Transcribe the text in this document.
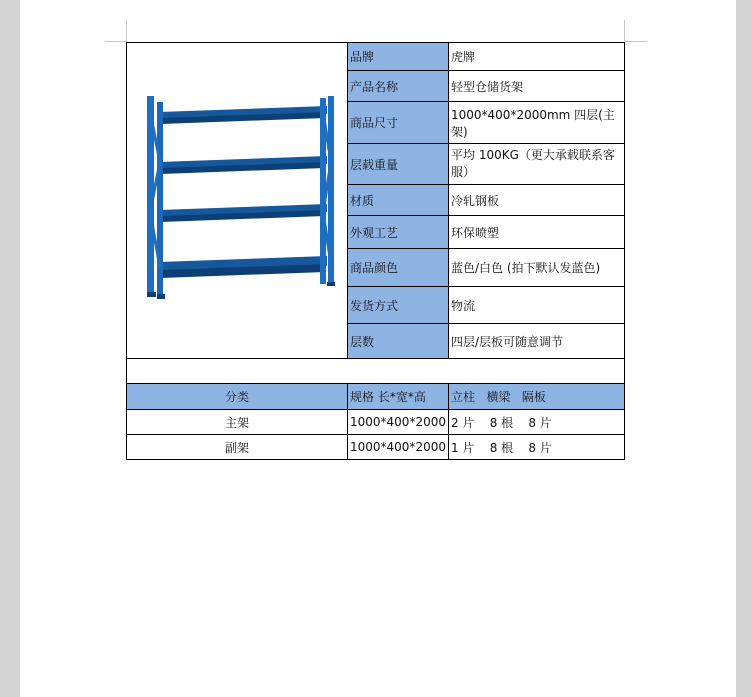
	品牌	虎牌
	产品名称	轻型仓储货架
	商品尺寸	1000*400*2000mm 四层(主架)
	层载重量	平均 100KG（更大承载联系客服）
	材质	冷轧钢板
	外观工艺	环保喷塑
	商品颜色	蓝色/白色 (拍下默认发蓝色)
	发货方式	物流
	层数	四层/层板可随意调节

分类	规格 长*宽*高	立柱   横梁   隔板
主架	1000*400*2000	2 片    8 根    8 片
副架	1000*400*2000	1 片    8 根    8 片
